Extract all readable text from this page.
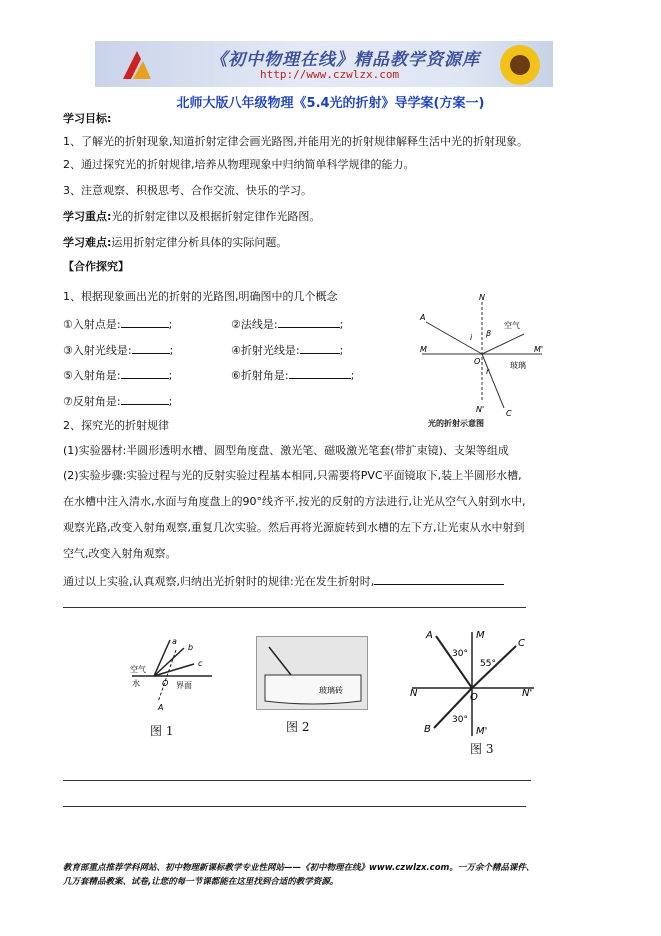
《初中物理在线》精品教学资源库
http://www.czwlzx.com
北师大版八年级物理《5.4光的折射》导学案(方案一)
学习目标:
1、了解光的折射现象,知道折射定律会画光路图,并能用光的折射规律解释生活中光的折射现象。
2、通过探究光的折射规律,培养从物理现象中归纳简单科学规律的能力。
3、注意观察、积极思考、合作交流、快乐的学习。
学习重点:光的折射定律以及根据折射定律作光路图。
学习难点:运用折射定律分析具体的实际问题。
【合作探究】
1、根据现象画出光的折射的光路图,明确图中的几个概念
①入射点是:	;	②法线是:	;
③入射光线是:	;	④折射光线是:	;
⑤入射角是:	;	⑥折射角是:	;
⑦反射角是:	;
N
A
i β
空气
M
O
M'
玻璃
r
N'	C
光的折射示意图
2、探究光的折射规律
(1)实验器材:半圆形透明水槽、圆型角度盘、激光笔、磁吸激光笔套(带扩束镜)、支架等组成
(2)实验步骤:实验过程与光的反射实验过程基本相同,只需要将PVC平面镜取下,装上半圆形水槽,
在水槽中注入清水,水面与角度盘上的90°线齐平,按光的反射的方法进行,让光从空气入射到水中,
观察光路,改变入射角观察,重复几次实验。然后再将光源旋转到水槽的左下方,让光束从水中射到
空气,改变入射角观察。
通过以上实验,认真观察,归纳出光折射时的规律:光在发生折射时,
a
b
c
空气
水	O 界面
A
图 1
玻璃砖
图 2
A	M
C
30°
55°
N	O	N'
B
30°
M'
图 3
教育部重点推荐学科网站、初中物理新课标教学专业性网站——《初中物理在线》www.czwlzx.com。一万余个精品课件、
几万套精品教案、试卷,让您的每一节课都能在这里找到合适的教学资源。
